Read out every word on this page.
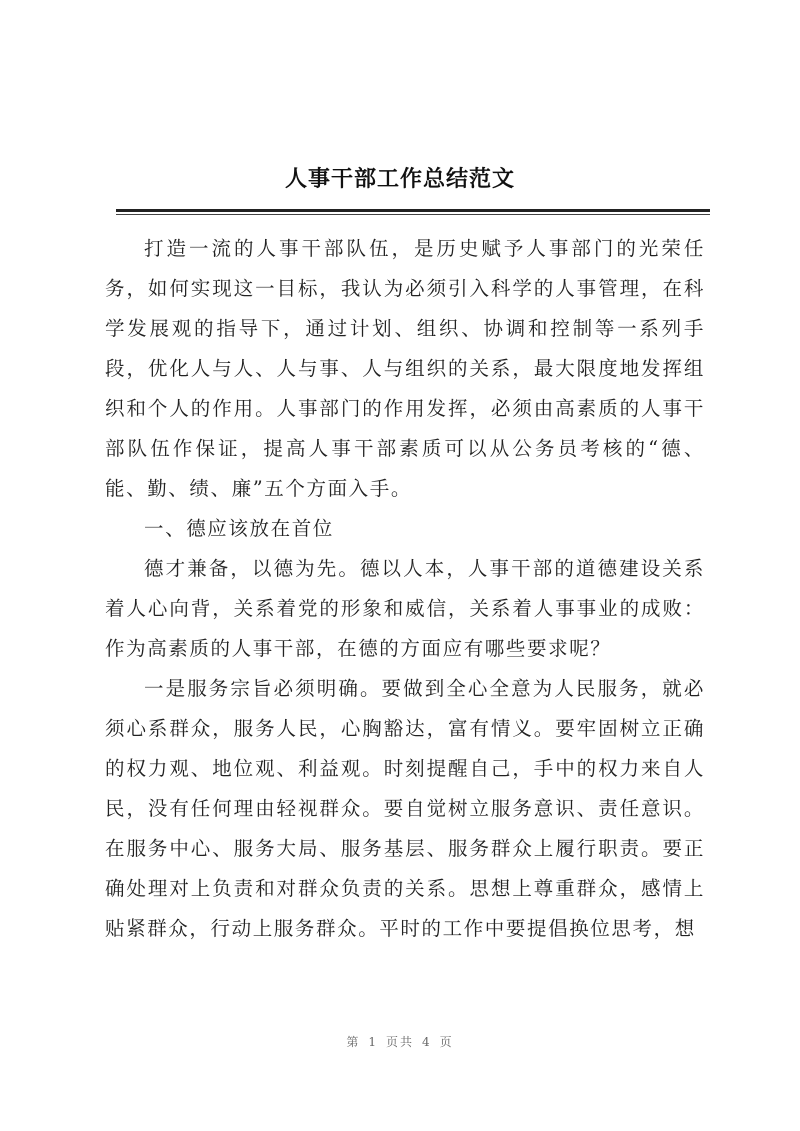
人事干部工作总结范文

打造一流的人事干部队伍，是历史赋予人事部门的光荣任务，如何实现这一目标，我认为必须引入科学的人事管理，在科学发展观的指导下，通过计划、组织、协调和控制等一系列手段，优化人与人、人与事、人与组织的关系，最大限度地发挥组织和个人的作用。人事部门的作用发挥，必须由高素质的人事干部队伍作保证，提高人事干部素质可以从公务员考核的“德、能、勤、绩、廉”五个方面入手。

一、德应该放在首位

德才兼备，以德为先。德以人本，人事干部的道德建设关系着人心向背，关系着党的形象和威信，关系着人事事业的成败：作为高素质的人事干部，在德的方面应有哪些要求呢？

一是服务宗旨必须明确。要做到全心全意为人民服务，就必须心系群众，服务人民，心胸豁达，富有情义。要牢固树立正确的权力观、地位观、利益观。时刻提醒自己，手中的权力来自人民，没有任何理由轻视群众。要自觉树立服务意识、责任意识。在服务中心、服务大局、服务基层、服务群众上履行职责。要正确处理对上负责和对群众负责的关系。思想上尊重群众，感情上贴紧群众，行动上服务群众。平时的工作中要提倡换位思考，想

第 1 页共 4 页
